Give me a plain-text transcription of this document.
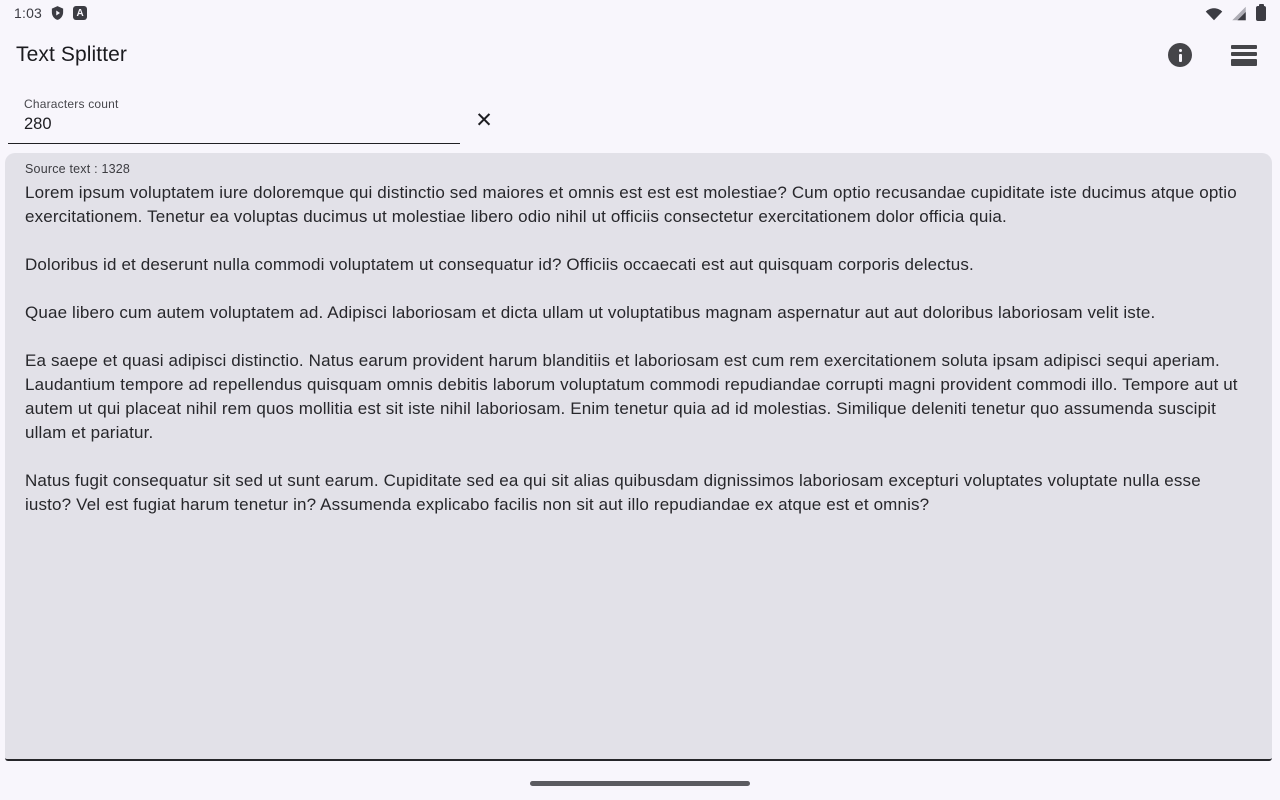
1:03	A
Text Splitter
Characters count
280	✕
Source text : 1328

Lorem ipsum voluptatem iure doloremque qui distinctio sed maiores et omnis est est est molestiae? Cum optio recusandae cupiditate iste ducimus atque optio exercitationem. Tenetur ea voluptas ducimus ut molestiae libero odio nihil ut officiis consectetur exercitationem dolor officia quia.

Doloribus id et deserunt nulla commodi voluptatem ut consequatur id? Officiis occaecati est aut quisquam corporis delectus.

Quae libero cum autem voluptatem ad. Adipisci laboriosam et dicta ullam ut voluptatibus magnam aspernatur aut aut doloribus laboriosam velit iste.

Ea saepe et quasi adipisci distinctio. Natus earum provident harum blanditiis et laboriosam est cum rem exercitationem soluta ipsam adipisci sequi aperiam. Laudantium tempore ad repellendus quisquam omnis debitis laborum voluptatum commodi repudiandae corrupti magni provident commodi illo. Tempore aut ut autem ut qui placeat nihil rem quos mollitia est sit iste nihil laboriosam. Enim tenetur quia ad id molestias. Similique deleniti tenetur quo assumenda suscipit ullam et pariatur.

Natus fugit consequatur sit sed ut sunt earum. Cupiditate sed ea qui sit alias quibusdam dignissimos laboriosam excepturi voluptates voluptate nulla esse iusto? Vel est fugiat harum tenetur in? Assumenda explicabo facilis non sit aut illo repudiandae ex atque est et omnis?
